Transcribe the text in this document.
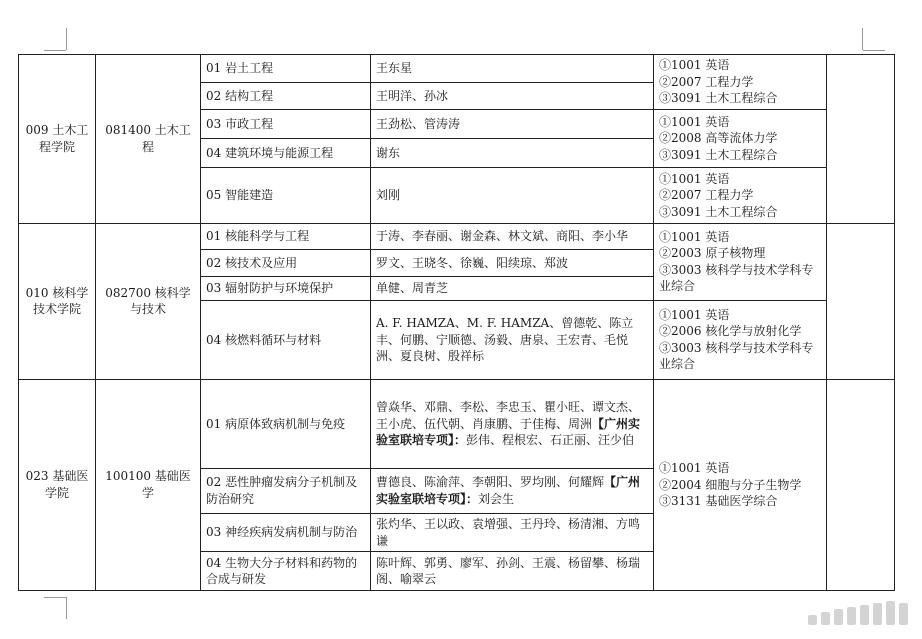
009 土木工程学院	081400 土木工程	01 岩土工程	王东星	①1001 英语
②2007 工程力学
③3091 土木工程综合	

		02 结构工程	王明洋、孙冰		
		03 市政工程	王劲松、管涛涛	①1001 英语
②2008 高等流体力学
③3091 土木工程综合	

		04 建筑环境与能源工程	谢东		
		05 智能建造	刘刚	①1001 英语
②2007 工程力学
③3091 土木工程综合	

010 核科学技术学院	082700 核科学与技术	01 核能科学与工程	于涛、李春丽、谢金森、林文斌、商阳、李小华	①1001 英语
②2003 原子核物理
③3003 核科学与技术学科专
业综合	

		02 核技术及应用	罗文、王晓冬、徐巍、阳续琼、郑波		
		03 辐射防护与环境保护	单健、周青芝		
		04 核燃料循环与材料	A. F. HAMZA、M. F. HAMZA、曾德乾、陈立丰、何鹏、宁顺德、汤毅、唐泉、王宏青、毛悦洲、夏良树、殷祥标	①1001 英语
②2006 核化学与放射化学
③3003 核科学与技术学科专
业综合	

023 基础医学院	100100 基础医学	01 病原体致病机制与免疫	曾焱华、邓鼎、李松、李忠玉、瞿小旺、谭文杰、王小虎、伍代朝、肖康鹏、于佳梅、周洲【广州实验室联培专项】：彭伟、程根宏、石正丽、汪少伯	①1001 英语
②2004 细胞与分子生物学
③3131 基础医学综合	

		02 恶性肿瘤发病分子机制及防治研究	曹德良、陈渝萍、李朝阳、罗均刚、何耀辉【广州实验室联培专项】：刘会生		
		03 神经疾病发病机制与防治	张灼华、王以政、袁增强、王丹玲、杨清湘、方鸣谦		
		04 生物大分子材料和药物的合成与研发	陈叶辉、郭勇、廖军、孙剑、王震、杨留攀、杨瑞阁、喻翠云		
